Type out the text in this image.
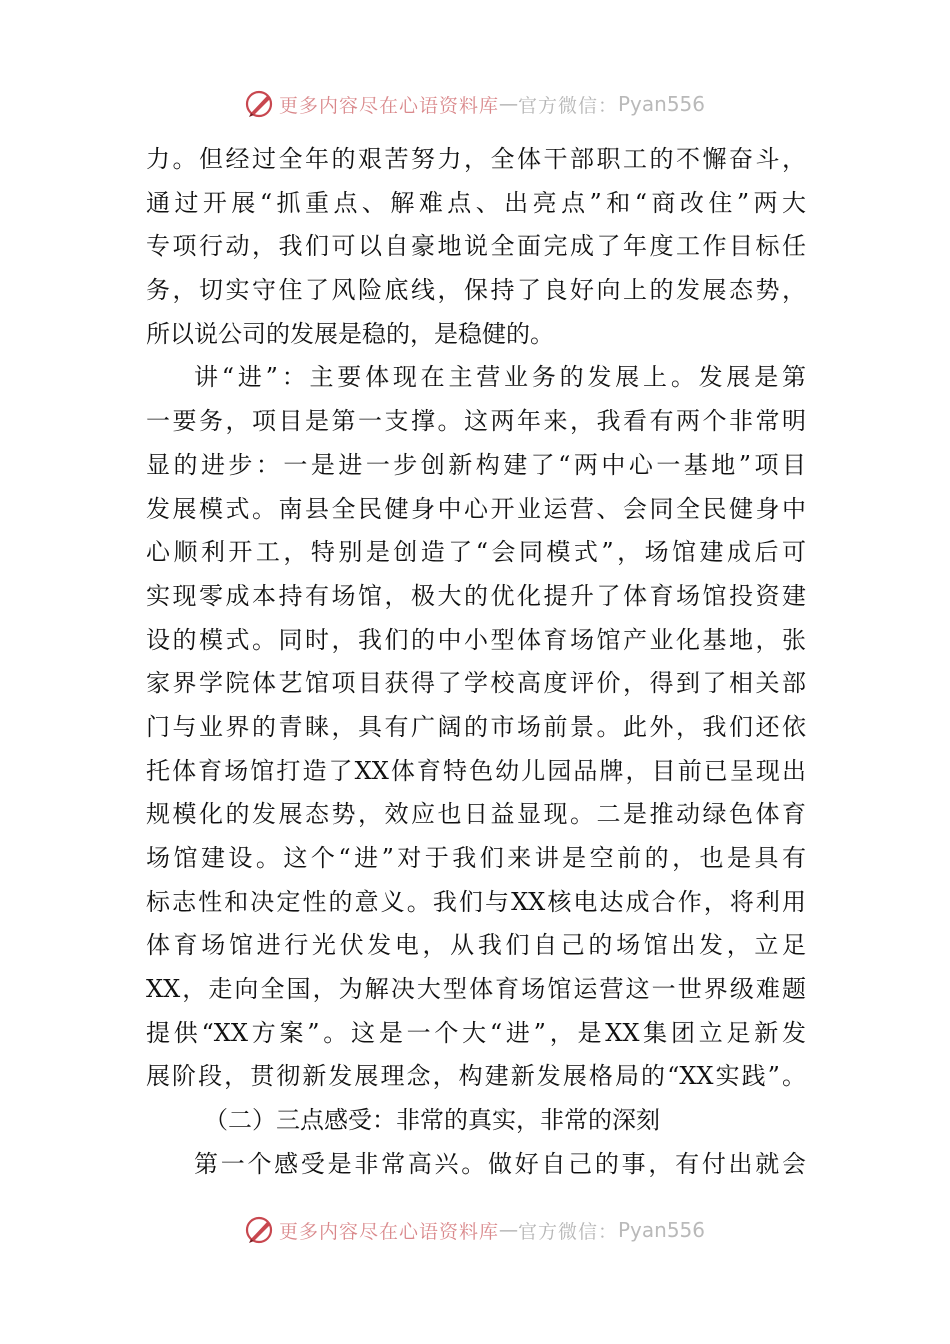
更多内容尽在心语资料库 — 官方微信： Pyan556
力。但经过全年的艰苦努力，全体干部职工的不懈奋斗，
通过开展“抓重点、解难点、出亮点”和“商改住”两大
专项行动，我们可以自豪地说全面完成了年度工作目标任
务，切实守住了风险底线，保持了良好向上的发展态势，
所以说公司的发展是稳的，是稳健的。
讲“进”：主要体现在主营业务的发展上。发展是第
一要务，项目是第一支撑。这两年来，我看有两个非常明
显的进步：一是进一步创新构建了“两中心一基地”项目
发展模式。南县全民健身中心开业运营、会同全民健身中
心顺利开工，特别是创造了“会同模式”，场馆建成后可
实现零成本持有场馆，极大的优化提升了体育场馆投资建
设的模式。同时，我们的中小型体育场馆产业化基地，张
家界学院体艺馆项目获得了学校高度评价，得到了相关部
门与业界的青睐，具有广阔的市场前景。此外，我们还依
托体育场馆打造了XX体育特色幼儿园品牌，目前已呈现出
规模化的发展态势，效应也日益显现。二是推动绿色体育
场馆建设。这个“进”对于我们来讲是空前的，也是具有
标志性和决定性的意义。我们与XX核电达成合作，将利用
体育场馆进行光伏发电，从我们自己的场馆出发，立足
XX，走向全国，为解决大型体育场馆运营这一世界级难题
提供“XX方案”。这是一个大“进”，是XX集团立足新发
展阶段，贯彻新发展理念，构建新发展格局的“XX实践”。
（二）三点感受：非常的真实，非常的深刻
第一个感受是非常高兴。做好自己的事，有付出就会
更多内容尽在心语资料库 — 官方微信： Pyan556
